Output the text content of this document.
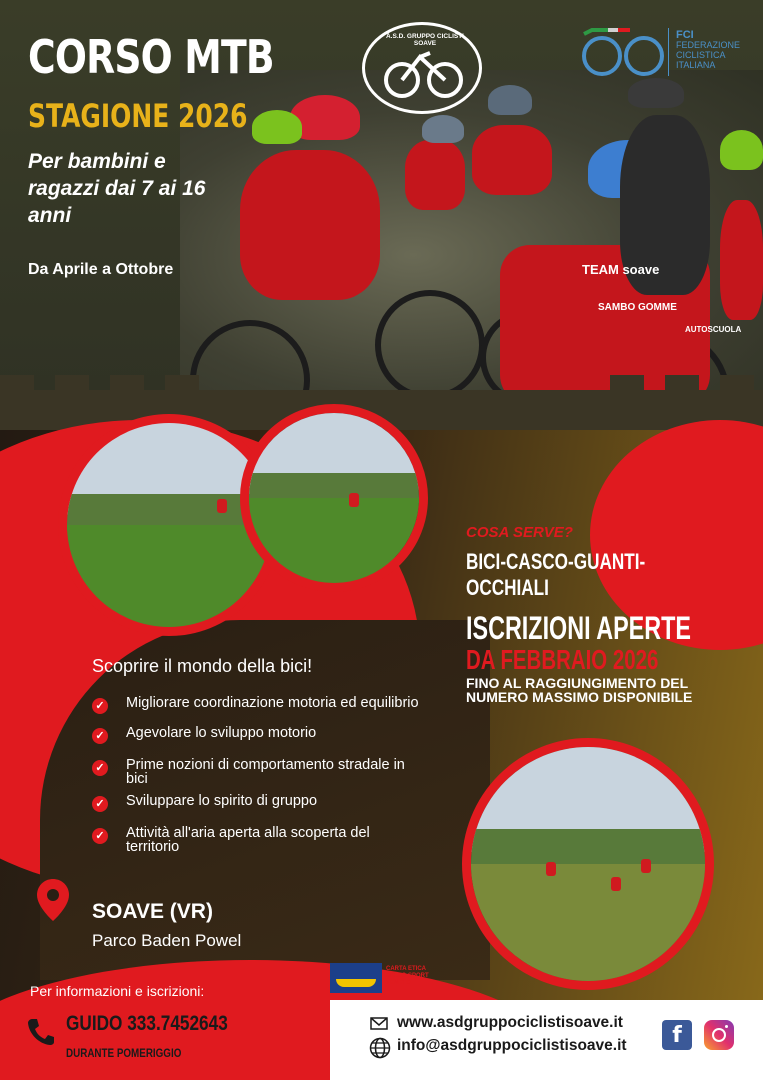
TEAM soave
SAMBO GOMME
AUTOSCUOLA
CORSO MTB
STAGIONE 2026
Per bambini e ragazzi dai 7 ai 16 anni
Da Aprile a Ottobre
A.S.D. GRUPPO CICLISTI SOAVE
FCI
FEDERAZIONE
CICLISTICA
ITALIANA
COSA SERVE?
BICI-CASCO-GUANTI-OCCHIALI
ISCRIZIONI APERTE
DA FEBBRAIO 2026
FINO AL RAGGIUNGIMENTO DEL NUMERO MASSIMO DISPONIBILE
Scoprire il mondo della bici!
✓ Migliorare coordinazione motoria ed equilibrio
✓ Agevolare lo sviluppo motorio
✓ Prime nozioni di comportamento stradale in bici
✓ Sviluppare lo spirito di gruppo
✓ Attività all'aria aperta alla scoperta del territorio
SOAVE (VR)
Parco Baden Powel
CARTA ETICA
DELLO SPORT
VENETO
Per informazioni e iscrizioni:
GUIDO 333.7452643
DURANTE POMERIGGIO
www.asdgruppociclistisoave.it
info@asdgruppociclistisoave.it	f
